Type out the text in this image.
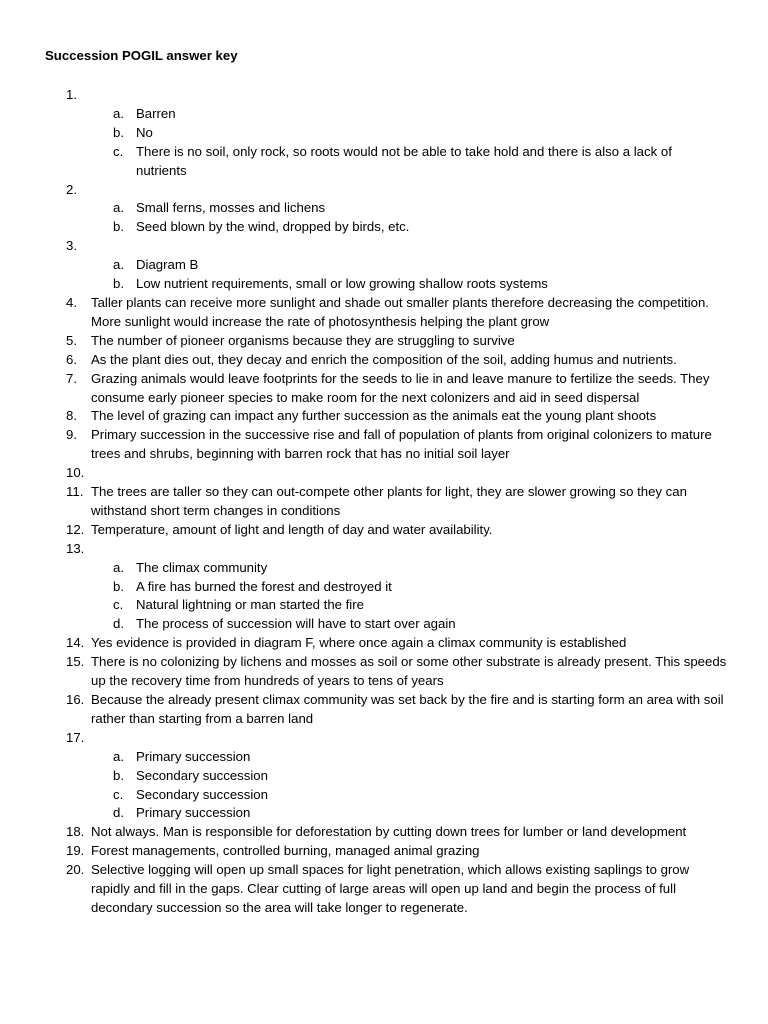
Succession POGIL answer key
1.

a. Barren
b. No
c. There is no soil, only rock, so roots would not be able to take hold and there is also a lack of nutrients
2.

a. Small ferns, mosses and lichens
b. Seed blown by the wind, dropped by birds, etc.
3.

a. Diagram B
b. Low nutrient requirements, small or low growing shallow roots systems
4. Taller plants can receive more sunlight and shade out smaller plants therefore decreasing the competition. More sunlight would increase the rate of photosynthesis helping the plant grow
5. The number of pioneer organisms because they are struggling to survive
6. As the plant dies out, they decay and enrich the composition of the soil, adding humus and nutrients.
7. Grazing animals would leave footprints for the seeds to lie in and leave manure to fertilize the seeds. They consume early pioneer species to make room for the next colonizers and aid in seed dispersal
8. The level of grazing can impact any further succession as the animals eat the young plant shoots
9. Primary succession in the successive rise and fall of population of plants from original colonizers to mature trees and shrubs, beginning with barren rock that has no initial soil layer
10.

11. The trees are taller so they can out-compete other plants for light, they are slower growing so they can withstand short term changes in conditions
12. Temperature, amount of light and length of day and water availability.
13.

a. The climax community
b. A fire has burned the forest and destroyed it
c. Natural lightning or man started the fire
d. The process of succession will have to start over again
14. Yes evidence is provided in diagram F, where once again a climax community is established
15. There is no colonizing by lichens and mosses as soil or some other substrate is already present. This speeds up the recovery time from hundreds of years to tens of years
16. Because the already present climax community was set back by the fire and is starting form an area with soil rather than starting from a barren land
17.

a. Primary succession
b. Secondary succession
c. Secondary succession
d. Primary succession
18. Not always. Man is responsible for deforestation by cutting down trees for lumber or land development
19. Forest managements, controlled burning, managed animal grazing
20. Selective logging will open up small spaces for light penetration, which allows existing saplings to grow rapidly and fill in the gaps. Clear cutting of large areas will open up land and begin the process of full decondary succession so the area will take longer to regenerate.
